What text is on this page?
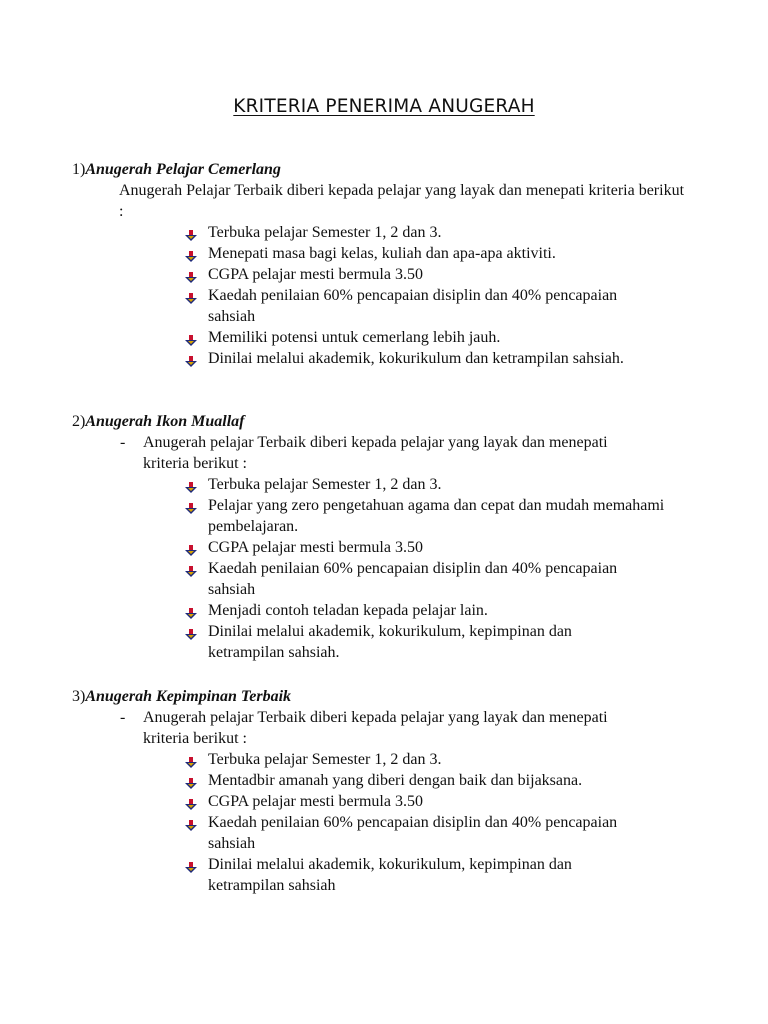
KRITERIA PENERIMA ANUGERAH

1)Anugerah Pelajar Cemerlang

Anugerah Pelajar Terbaik diberi kepada pelajar yang layak dan menepati kriteria berikut :

Terbuka pelajar Semester 1, 2 dan 3.
Menepati masa bagi kelas, kuliah dan apa-apa aktiviti.
CGPA pelajar mesti bermula 3.50
Kaedah penilaian 60% pencapaian disiplin dan 40% pencapaian sahsiah
Memiliki potensi untuk cemerlang lebih jauh.
Dinilai melalui akademik, kokurikulum dan ketrampilan sahsiah.

2)Anugerah Ikon Muallaf

- Anugerah pelajar Terbaik diberi kepada pelajar yang layak dan menepati kriteria berikut :

Terbuka pelajar Semester 1, 2 dan 3.
Pelajar yang zero pengetahuan agama dan cepat dan mudah memahami pembelajaran.
CGPA pelajar mesti bermula 3.50
Kaedah penilaian 60% pencapaian disiplin dan 40% pencapaian sahsiah
Menjadi contoh teladan kepada pelajar lain.
Dinilai melalui akademik, kokurikulum, kepimpinan dan ketrampilan sahsiah.

3)Anugerah Kepimpinan Terbaik

- Anugerah pelajar Terbaik diberi kepada pelajar yang layak dan menepati kriteria berikut :

Terbuka pelajar Semester 1, 2 dan 3.
Mentadbir amanah yang diberi dengan baik dan bijaksana.
CGPA pelajar mesti bermula 3.50
Kaedah penilaian 60% pencapaian disiplin dan 40% pencapaian sahsiah
Dinilai melalui akademik, kokurikulum, kepimpinan dan ketrampilan sahsiah
